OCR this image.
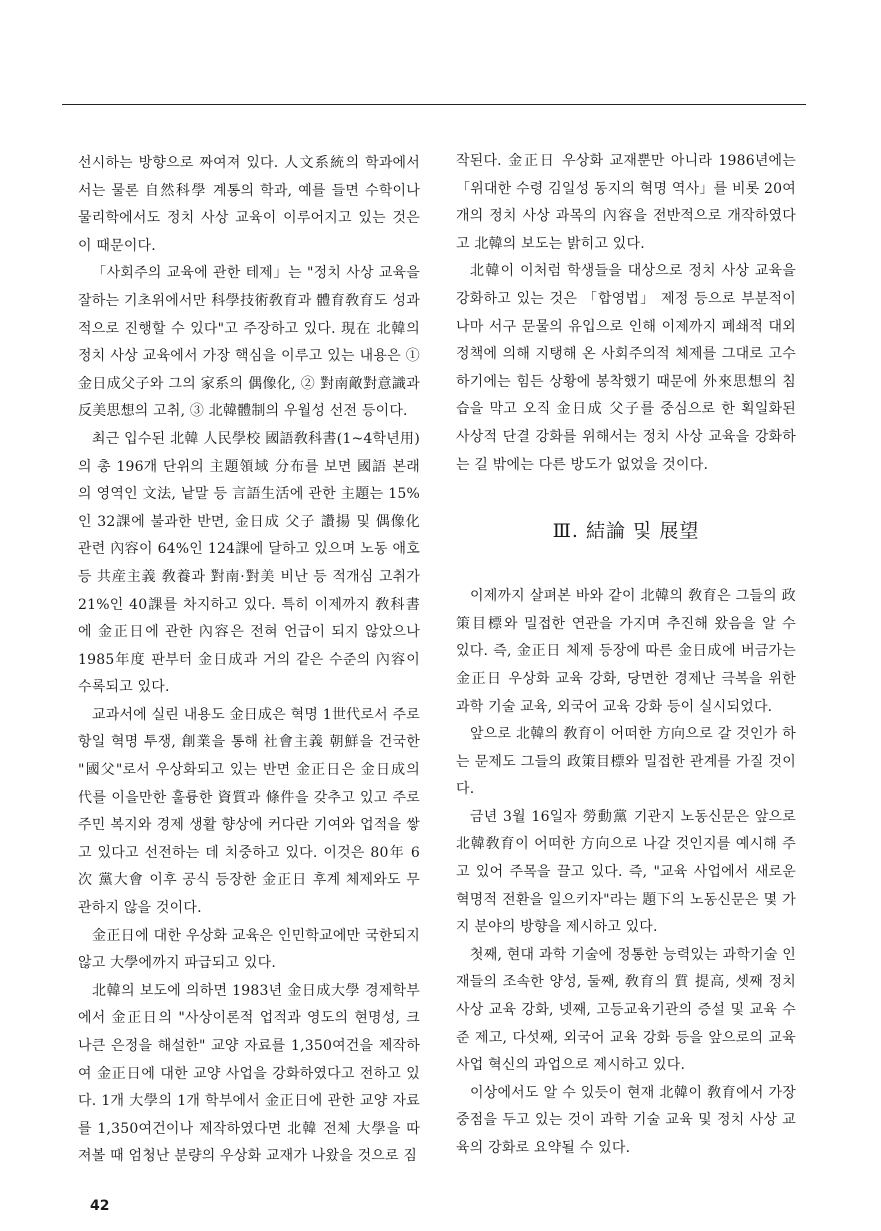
선시하는 방향으로 짜여져 있다. 人文系統의 학과에서서는 물론 自然科學 계통의 학과, 예를 들면 수학이나 물리학에서도 정치 사상 교육이 이루어지고 있는 것은 이 때문이다.

「사회주의 교육에 관한 테제」는 "정치 사상 교육을 잘하는 기초위에서만 科學技術敎育과 體育敎育도 성과적으로 진행할 수 있다"고 주장하고 있다. 現在 北韓의 정치 사상 교육에서 가장 핵심을 이루고 있는 내용은 ① 金日成父子와 그의 家系의 偶像化, ② 對南敵對意識과 反美思想의 고취, ③ 北韓體制의 우월성 선전 등이다.

최근 입수된 北韓 人民學校 國語敎科書(1~4학년用)의 총 196개 단위의 主題領域 分布를 보면 國語 본래의 영역인 文法, 낱말 등 言語生活에 관한 主題는 15%인 32課에 불과한 반면, 金日成 父子 讚揚 및 偶像化 관련 內容이 64%인 124課에 달하고 있으며 노동 애호 등 共産主義 敎養과 對南·對美 비난 등 적개심 고취가 21%인 40課를 차지하고 있다. 특히 이제까지 敎科書에 金正日에 관한 內容은 전혀 언급이 되지 않았으나 1985年度 판부터 金日成과 거의 같은 수준의 內容이 수록되고 있다.

교과서에 실린 내용도 金日成은 혁명 1世代로서 주로 항일 혁명 투쟁, 創業을 통해 社會主義 朝鮮을 건국한 "國父"로서 우상화되고 있는 반면 金正日은 金日成의 代를 이을만한 훌륭한 資質과 條件을 갖추고 있고 주로 주민 복지와 경제 생활 향상에 커다란 기여와 업적을 쌓고 있다고 선전하는 데 치중하고 있다. 이것은 80年 6次 黨大會 이후 공식 등장한 金正日 후계 체제와도 무관하지 않을 것이다.

金正日에 대한 우상화 교육은 인민학교에만 국한되지 않고 大學에까지 파급되고 있다.

北韓의 보도에 의하면 1983년 金日成大學 경제학부에서 金正日의 "사상이론적 업적과 영도의 현명성, 크나큰 은정을 해설한" 교양 자료를 1,350여건을 제작하여 金正日에 대한 교양 사업을 강화하였다고 전하고 있다. 1개 大學의 1개 학부에서 金正日에 관한 교양 자료를 1,350여건이나 제작하였다면 北韓 전체 大學을 따져볼 때 엄청난 분량의 우상화 교재가 나왔을 것으로 짐

작된다. 金正日 우상화 교재뿐만 아니라 1986년에는 「위대한 수령 김일성 동지의 혁명 역사」를 비롯 20여개의 정치 사상 과목의 內容을 전반적으로 개작하였다고 北韓의 보도는 밝히고 있다.

北韓이 이처럼 학생들을 대상으로 정치 사상 교육을 강화하고 있는 것은 「합영법」 제정 등으로 부분적이나마 서구 문물의 유입으로 인해 이제까지 폐쇄적 대외 정책에 의해 지탱해 온 사회주의적 체제를 그대로 고수하기에는 힘든 상황에 봉착했기 때문에 外來思想의 침습을 막고 오직 金日成 父子를 중심으로 한 획일화된 사상적 단결 강화를 위해서는 정치 사상 교육을 강화하는 길 밖에는 다른 방도가 없었을 것이다.

Ⅲ. 結論 및 展望

이제까지 살펴본 바와 같이 北韓의 敎育은 그들의 政策目標와 밀접한 연관을 가지며 추진해 왔음을 알 수 있다. 즉, 金正日 체제 등장에 따른 金日成에 버금가는 金正日 우상화 교육 강화, 당면한 경제난 극복을 위한 과학 기술 교육, 외국어 교육 강화 등이 실시되었다.

앞으로 北韓의 敎育이 어떠한 方向으로 갈 것인가 하는 문제도 그들의 政策目標와 밀접한 관계를 가질 것이다.

금년 3월 16일자 勞動黨 기관지 노동신문은 앞으로 北韓敎育이 어떠한 方向으로 나갈 것인지를 예시해 주고 있어 주목을 끌고 있다. 즉, "교육 사업에서 새로운 혁명적 전환을 일으키자"라는 題下의 노동신문은 몇 가지 분야의 방향을 제시하고 있다.

첫째, 현대 과학 기술에 정통한 능력있는 과학기술 인재들의 조속한 양성, 둘째, 敎育의 質 提高, 셋째 정치 사상 교육 강화, 넷째, 고등교육기관의 증설 및 교육 수준 제고, 다섯째, 외국어 교육 강화 등을 앞으로의 교육 사업 혁신의 과업으로 제시하고 있다.

이상에서도 알 수 있듯이 현재 北韓이 敎育에서 가장 중점을 두고 있는 것이 과학 기술 교육 및 정치 사상 교육의 강화로 요약될 수 있다.

42
